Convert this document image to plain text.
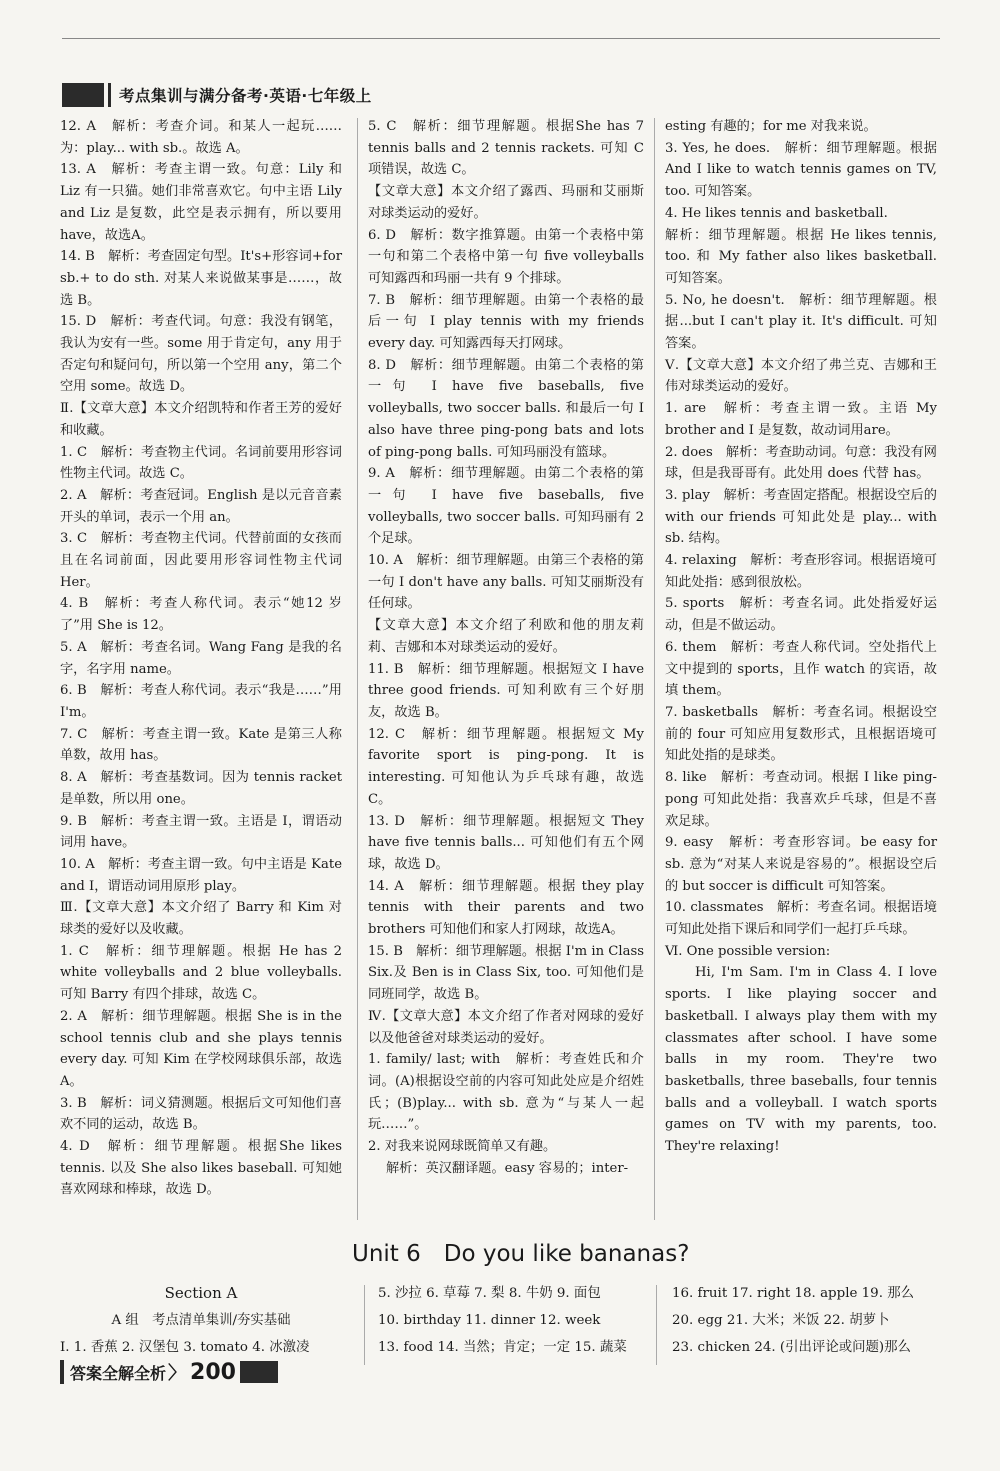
考点集训与满分备考·英语·七年级上

12. A　解析：考查介词。和某人一起玩……为：play... with sb.。故选 A。

13. A　解析：考查主谓一致。句意：Lily 和 Liz 有一只猫。她们非常喜欢它。句中主语 Lily and Liz 是复数，此空是表示拥有，所以要用 have，故选A。

14. B　解析：考查固定句型。It's+形容词+for sb.+ to do sth. 对某人来说做某事是……，故选 B。

15. D　解析：考查代词。句意：我没有钢笔，我认为安有一些。some 用于肯定句，any 用于否定句和疑问句，所以第一个空用 any，第二个空用 some。故选 D。

Ⅱ.【文章大意】本文介绍凯特和作者王芳的爱好和收藏。

1. C　解析：考查物主代词。名词前要用形容词性物主代词。故选 C。

2. A　解析：考查冠词。English 是以元音音素开头的单词，表示一个用 an。

3. C　解析：考查物主代词。代替前面的女孩而且在名词前面，因此要用形容词性物主代词 Her。

4. B　解析：考查人称代词。表示“她12 岁了”用 She is 12。

5. A　解析：考查名词。Wang Fang 是我的名字，名字用 name。

6. B　解析：考查人称代词。表示“我是……”用 I'm。

7. C　解析：考查主谓一致。Kate 是第三人称单数，故用 has。

8. A　解析：考查基数词。因为 tennis racket 是单数，所以用 one。

9. B　解析：考查主谓一致。主语是 I，谓语动词用 have。

10. A　解析：考查主谓一致。句中主语是 Kate and I，谓语动词用原形 play。

Ⅲ.【文章大意】本文介绍了 Barry 和 Kim 对球类的爱好以及收藏。

1. C　解析：细节理解题。根据 He has 2 white volleyballs and 2 blue volleyballs. 可知 Barry 有四个排球，故选 C。

2. A　解析：细节理解题。根据 She is in the school tennis club and she plays tennis every day. 可知 Kim 在学校网球俱乐部，故选 A。

3. B　解析：词义猜测题。根据后文可知他们喜欢不同的运动，故选 B。

4. D　解析：细节理解题。根据She likes tennis. 以及 She also likes baseball. 可知她喜欢网球和棒球，故选 D。

5. C　解析：细节理解题。根据She has 7 tennis balls and 2 tennis rackets. 可知 C 项错误，故选 C。

【文章大意】本文介绍了露西、玛丽和艾丽斯对球类运动的爱好。

6. D　解析：数字推算题。由第一个表格中第一句和第二个表格中第一句 five volleyballs 可知露西和玛丽一共有 9 个排球。

7. B　解析：细节理解题。由第一个表格的最后一句 I play tennis with my friends every day. 可知露西每天打网球。

8. D　解析：细节理解题。由第二个表格的第一句 I have five baseballs, five volleyballs, two soccer balls. 和最后一句 I also have three ping-pong bats and lots of ping-pong balls. 可知玛丽没有篮球。

9. A　解析：细节理解题。由第二个表格的第一句 I have five baseballs, five volleyballs, two soccer balls. 可知玛丽有 2 个足球。

10. A　解析：细节理解题。由第三个表格的第一句 I don't have any balls. 可知艾丽斯没有任何球。

【文章大意】本文介绍了利欧和他的朋友莉莉、吉娜和本对球类运动的爱好。

11. B　解析：细节理解题。根据短文 I have three good friends. 可知利欧有三个好朋友，故选 B。

12. C　解析：细节理解题。根据短文 My favorite sport is ping-pong. It is interesting. 可知他认为乒乓球有趣，故选 C。

13. D　解析：细节理解题。根据短文 They have five tennis balls... 可知他们有五个网球，故选 D。

14. A　解析：细节理解题。根据 they play tennis with their parents and two brothers 可知他们和家人打网球，故选A。

15. B　解析：细节理解题。根据 I'm in Class Six.及 Ben is in Class Six, too. 可知他们是同班同学，故选 B。

Ⅳ.【文章大意】本文介绍了作者对网球的爱好以及他爸爸对球类运动的爱好。

1. family/ last; with　解析：考查姓氏和介词。(A)根据设空前的内容可知此处应是介绍姓氏；(B)play... with sb. 意为“与某人一起玩……”。

2. 对我来说网球既简单又有趣。

解析：英汉翻译题。easy 容易的；inter-

esting 有趣的；for me 对我来说。

3. Yes, he does.　解析：细节理解题。根据 And I like to watch tennis games on TV, too. 可知答案。

4. He likes tennis and basketball.

解析：细节理解题。根据 He likes tennis, too. 和 My father also likes basketball. 可知答案。

5. No, he doesn't.　解析：细节理解题。根据...but I can't play it. It's difficult. 可知答案。

Ⅴ.【文章大意】本文介绍了弗兰克、吉娜和王伟对球类运动的爱好。

1. are　解析：考查主谓一致。主语 My brother and I 是复数，故动词用are。

2. does　解析：考查助动词。句意：我没有网球，但是我哥哥有。此处用 does 代替 has。

3. play　解析：考查固定搭配。根据设空后的 with our friends 可知此处是 play... with sb. 结构。

4. relaxing　解析：考查形容词。根据语境可知此处指：感到很放松。

5. sports　解析：考查名词。此处指爱好运动，但是不做运动。

6. them　解析：考查人称代词。空处指代上文中提到的 sports，且作 watch 的宾语，故填 them。

7. basketballs　解析：考查名词。根据设空前的 four 可知应用复数形式，且根据语境可知此处指的是球类。

8. like　解析：考查动词。根据 I like ping-pong 可知此处指：我喜欢乒乓球，但是不喜欢足球。

9. easy　解析：考查形容词。be easy for sb. 意为“对某人来说是容易的”。根据设空后的 but soccer is difficult 可知答案。

10. classmates　解析：考查名词。根据语境可知此处指下课后和同学们一起打乒乓球。

Ⅵ. One possible version:

Hi, I'm Sam. I'm in Class 4. I love sports. I like playing soccer and basketball. I always play them with my classmates after school. I have some balls in my room. They're two basketballs, three baseballs, four tennis balls and a volleyball. I watch sports games on TV with my parents, too. They're relaxing!

Unit 6　Do you like bananas?
Section A
A 组　考点清单集训/夯实基础
Ⅰ. 1. 香蕉 2. 汉堡包 3. tomato 4. 冰激凌
5. 沙拉 6. 草莓 7. 梨 8. 牛奶 9. 面包
10. birthday 11. dinner 12. week
13. food 14. 当然；肯定；一定 15. 蔬菜
16. fruit 17. right 18. apple 19. 那么
20. egg 21. 大米；米饭 22. 胡萝卜
23. chicken 24. (引出评论或问题)那么
答案全解全析 〉 200
